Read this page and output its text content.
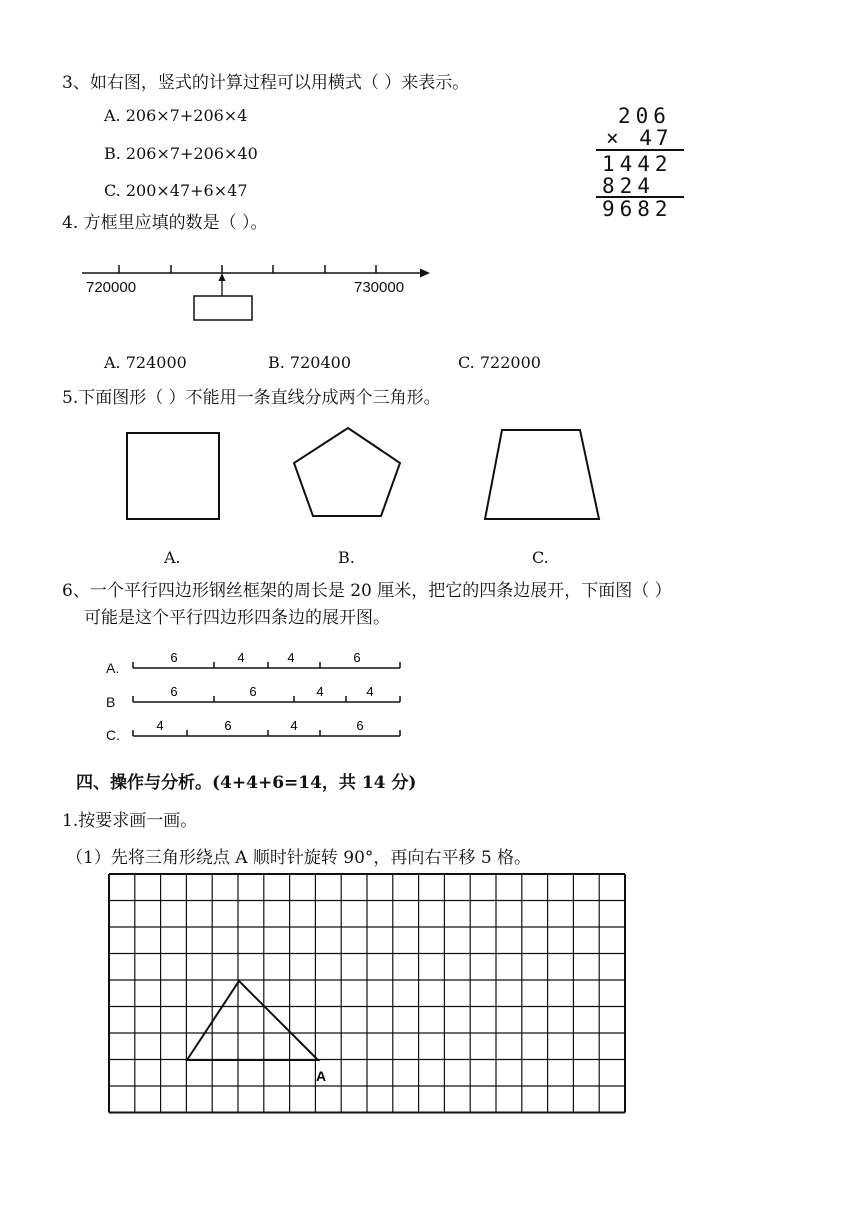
3、如右图，竖式的计算过程可以用横式（ ）来表示。
A. 206×7+206×4
B. 206×7+206×40
C. 200×47+6×47
206
× 47
1442
824
9682
4. 方框里应填的数是（ ）。
720000	730000
A. 724000	B. 720400	C. 722000
5.下面图形（ ）不能用一条直线分成两个三角形。
A.	B.	C.
6、一个平行四边形钢丝框架的周长是 20 厘米，把它的四条边展开，下面图（ ）
可能是这个平行四边形四条边的展开图。
A.
B
C.
四、操作与分析。(4+4+6=14，共 14 分)
1.按要求画一画。
（1）先将三角形绕点 A 顺时针旋转 90°，再向右平移 5 格。
6	4	4	6
6	6	4	4
4	6	4	6
A
